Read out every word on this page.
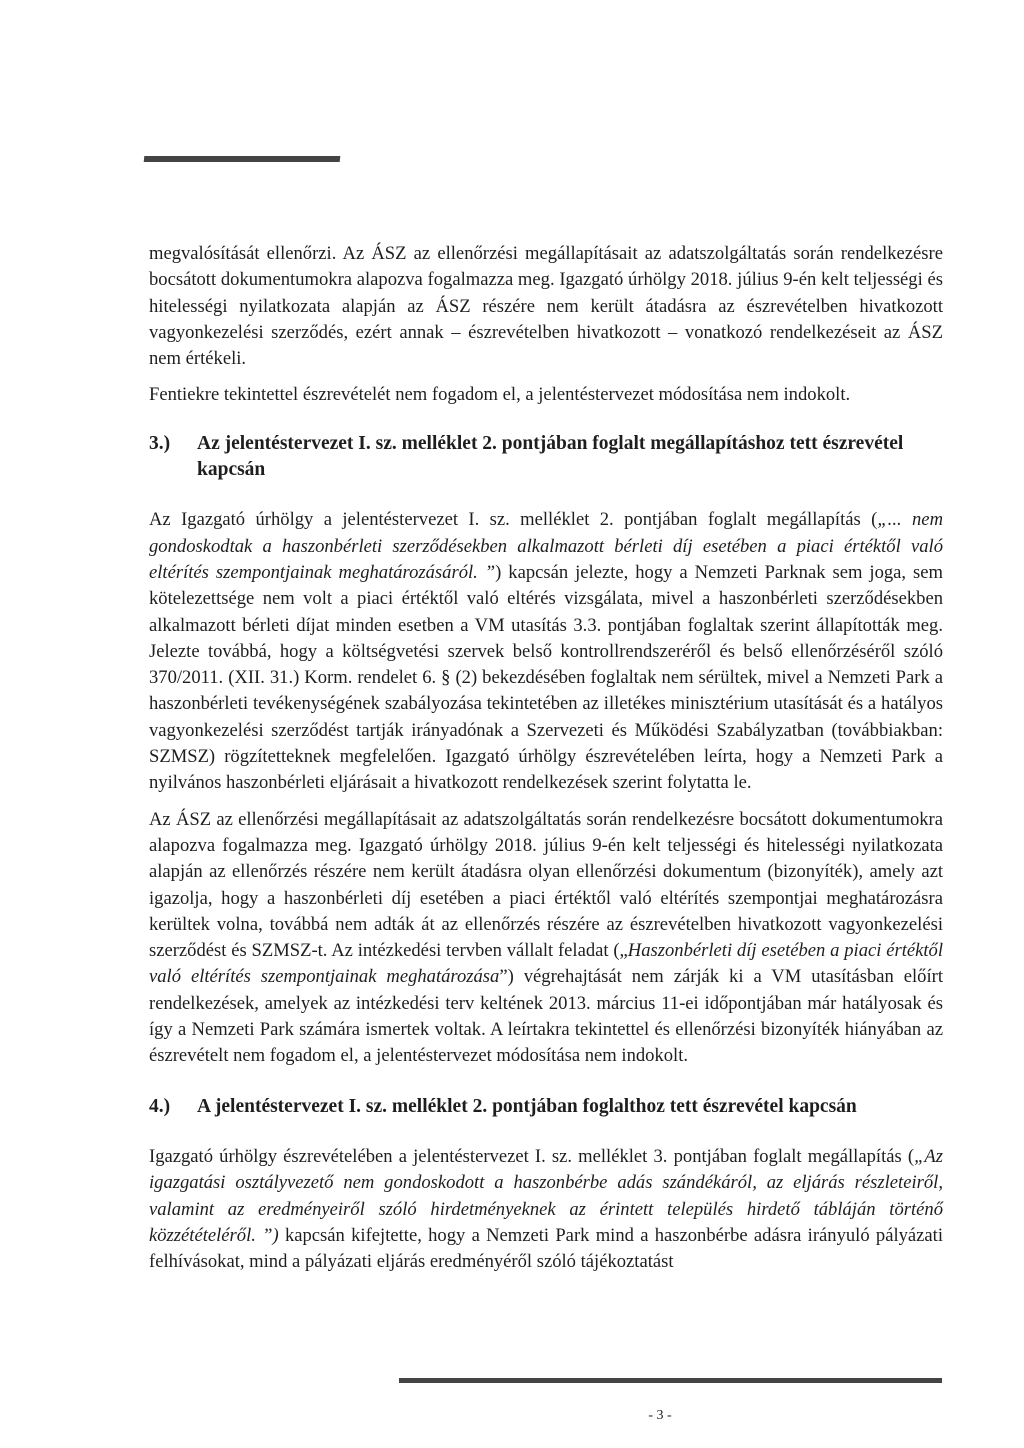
megvalósítását ellenőrzi. Az ÁSZ az ellenőrzési megállapításait az adatszolgáltatás során rendelkezésre bocsátott dokumentumokra alapozva fogalmazza meg. Igazgató úrhölgy 2018. július 9-én kelt teljességi és hitelességi nyilatkozata alapján az ÁSZ részére nem került átadásra az észrevételben hivatkozott vagyonkezelési szerződés, ezért annak – észrevételben hivatkozott – vonatkozó rendelkezéseit az ÁSZ nem értékeli.

Fentiekre tekintettel észrevételét nem fogadom el, a jelentéstervezet módosítása nem indokolt.

3.)	Az jelentéstervezet I. sz. melléklet 2. pontjában foglalt megállapításhoz tett észrevétel kapcsán

Az Igazgató úrhölgy a jelentéstervezet I. sz. melléklet 2. pontjában foglalt megállapítás („... nem gondoskodtak a haszonbérleti szerződésekben alkalmazott bérleti díj esetében a piaci értéktől való eltérítés szempontjainak meghatározásáról. ”) kapcsán jelezte, hogy a Nemzeti Parknak sem joga, sem kötelezettsége nem volt a piaci értéktől való eltérés vizsgálata, mivel a haszonbérleti szerződésekben alkalmazott bérleti díjat minden esetben a VM utasítás 3.3. pontjában foglaltak szerint állapították meg. Jelezte továbbá, hogy a költségvetési szervek belső kontrollrendszeréről és belső ellenőrzéséről szóló 370/2011. (XII. 31.) Korm. rendelet 6. § (2) bekezdésében foglaltak nem sérültek, mivel a Nemzeti Park a haszonbérleti tevékenységének szabályozása tekintetében az illetékes minisztérium utasítását és a hatályos vagyonkezelési szerződést tartják irányadónak a Szervezeti és Működési Szabályzatban (továbbiakban: SZMSZ) rögzítetteknek megfelelően. Igazgató úrhölgy észrevételében leírta, hogy a Nemzeti Park a nyilvános haszonbérleti eljárásait a hivatkozott rendelkezések szerint folytatta le.

Az ÁSZ az ellenőrzési megállapításait az adatszolgáltatás során rendelkezésre bocsátott dokumentumokra alapozva fogalmazza meg. Igazgató úrhölgy 2018. július 9-én kelt teljességi és hitelességi nyilatkozata alapján az ellenőrzés részére nem került átadásra olyan ellenőrzési dokumentum (bizonyíték), amely azt igazolja, hogy a haszonbérleti díj esetében a piaci értéktől való eltérítés szempontjai meghatározásra kerültek volna, továbbá nem adták át az ellenőrzés részére az észrevételben hivatkozott vagyonkezelési szerződést és SZMSZ-t. Az intézkedési tervben vállalt feladat („Haszonbérleti díj esetében a piaci értéktől való eltérítés szempontjainak meghatározása”) végrehajtását nem zárják ki a VM utasításban előírt rendelkezések, amelyek az intézkedési terv keltének 2013. március 11-ei időpontjában már hatályosak és így a Nemzeti Park számára ismertek voltak. A leírtakra tekintettel és ellenőrzési bizonyíték hiányában az észrevételt nem fogadom el, a jelentéstervezet módosítása nem indokolt.

4.)	A jelentéstervezet I. sz. melléklet 2. pontjában foglalthoz tett észrevétel kapcsán

Igazgató úrhölgy észrevételében a jelentéstervezet I. sz. melléklet 3. pontjában foglalt megállapítás („Az igazgatási osztályvezető nem gondoskodott a haszonbérbe adás szándékáról, az eljárás részleteiről, valamint az eredményeiről szóló hirdetményeknek az érintett település hirdető tábláján történő közzétételéről. ”) kapcsán kifejtette, hogy a Nemzeti Park mind a haszonbérbe adásra irányuló pályázati felhívásokat, mind a pályázati eljárás eredményéről szóló tájékoztatást

- 3 -
